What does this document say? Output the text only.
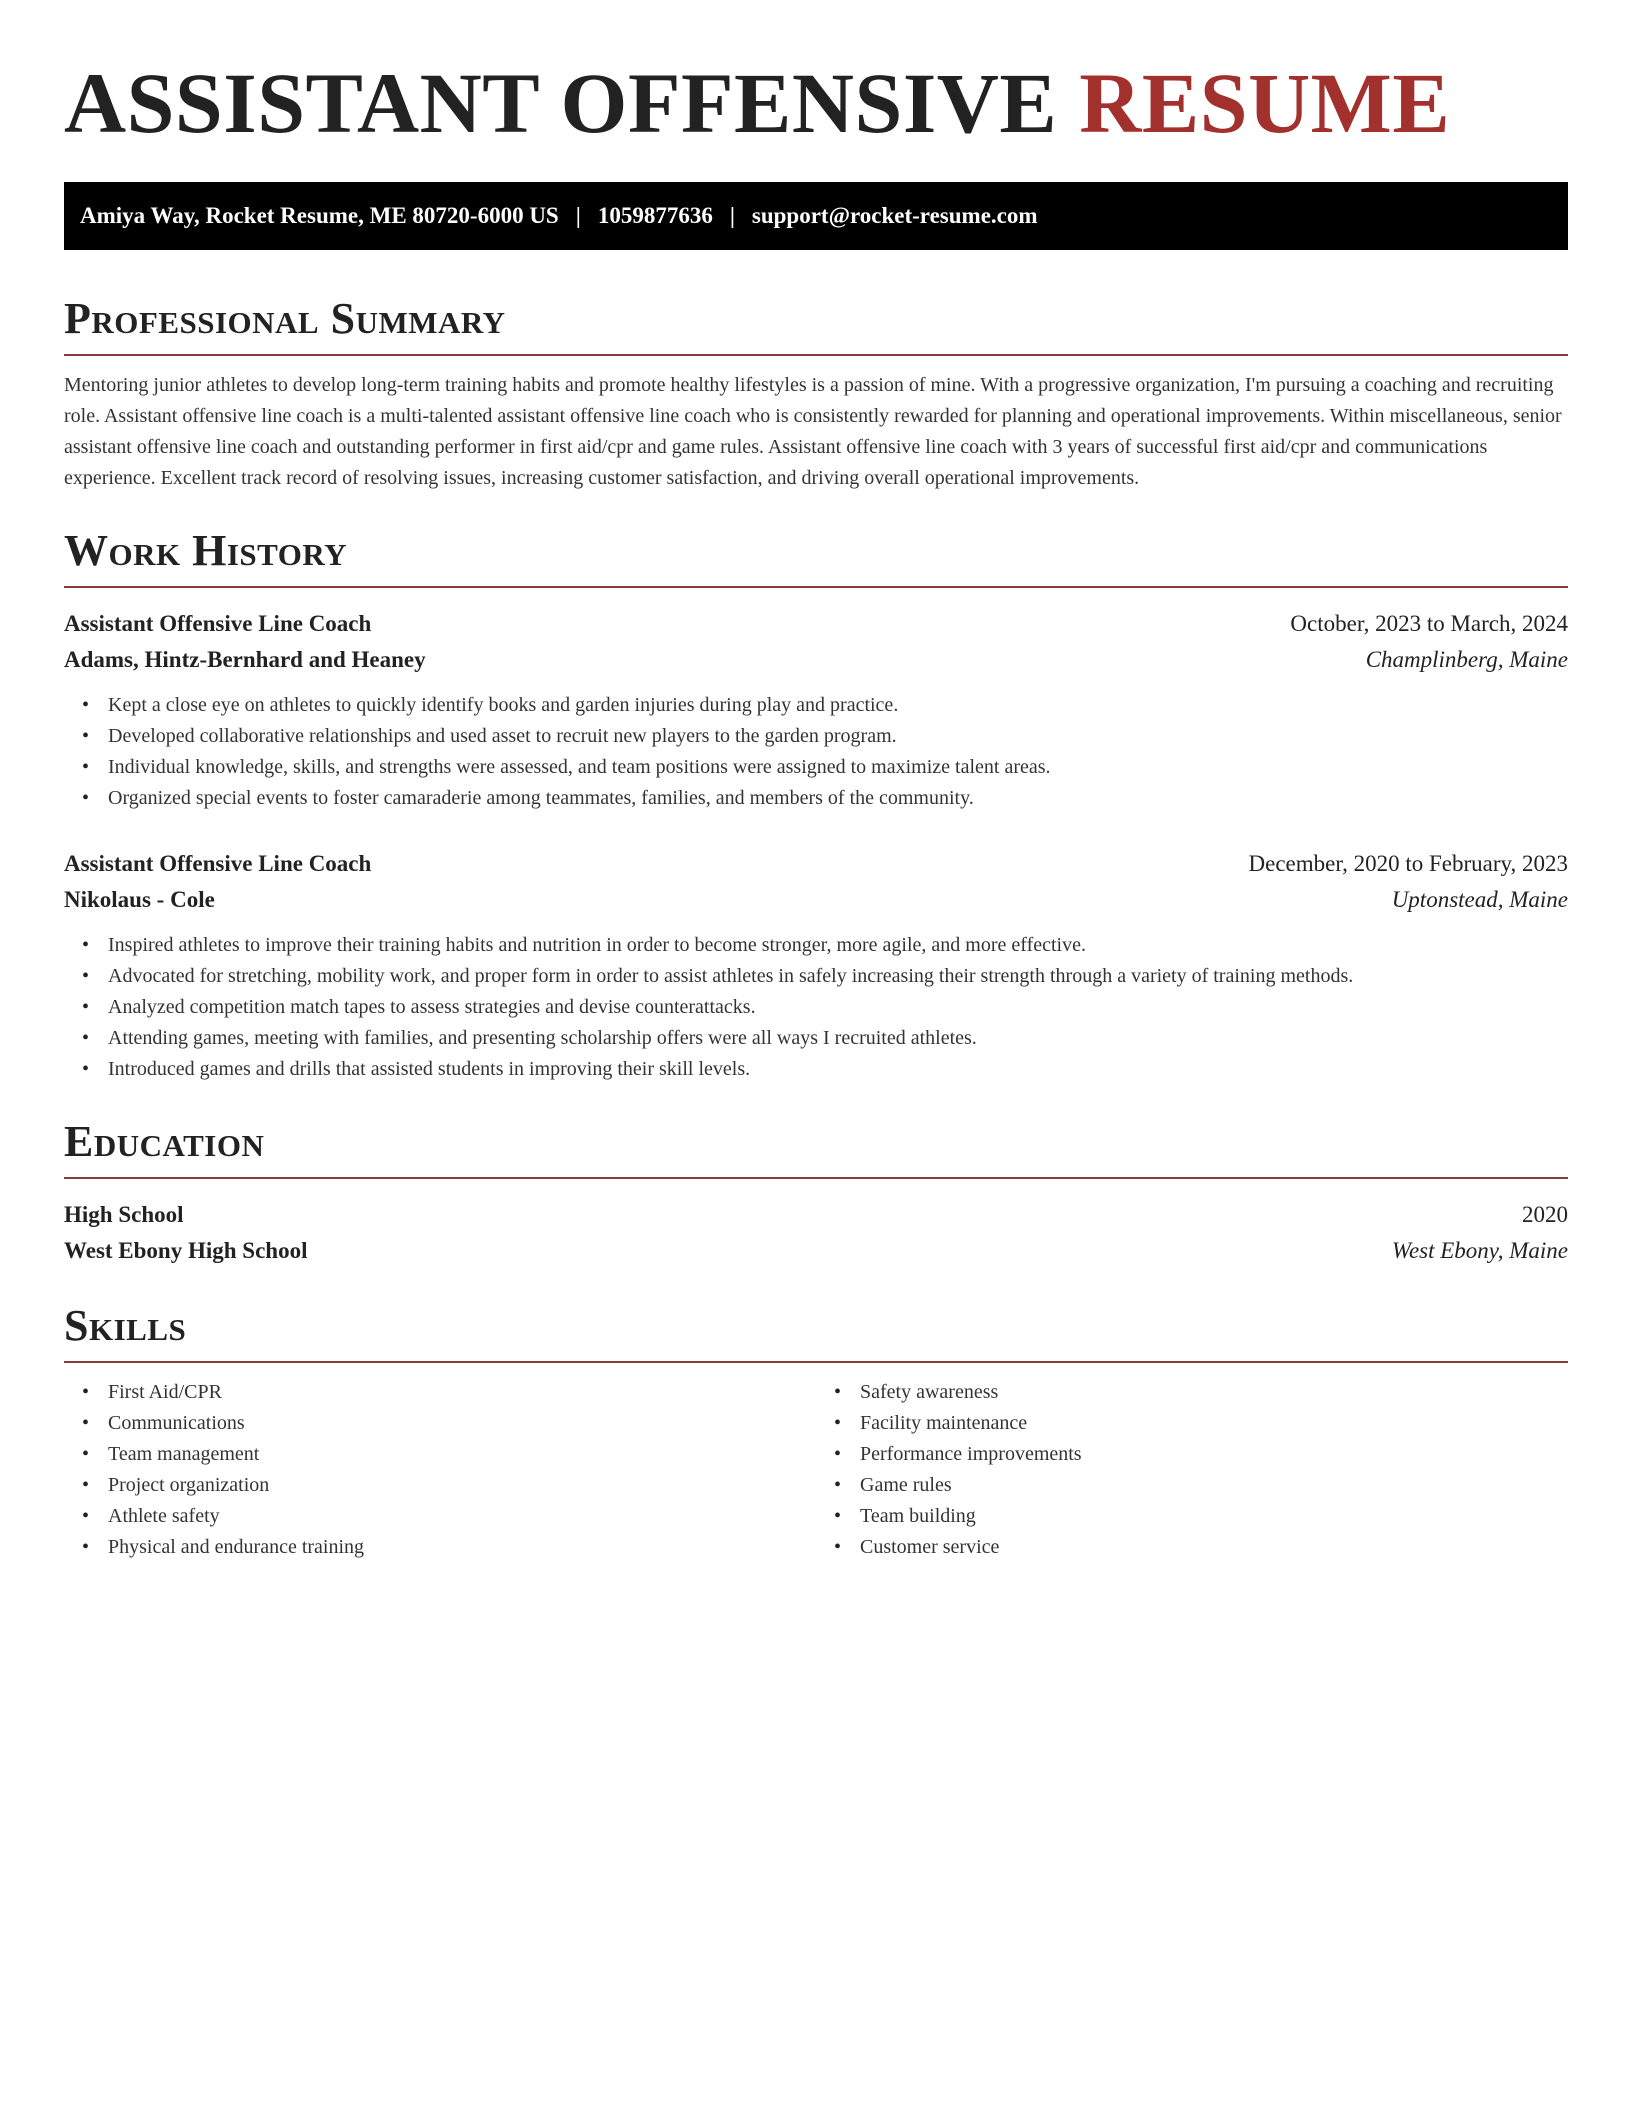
ASSISTANT OFFENSIVE RESUME
Amiya Way, Rocket Resume, ME 80720-6000 US | 1059877636 | support@rocket-resume.com
Professional Summary

Mentoring junior athletes to develop long-term training habits and promote healthy lifestyles is a passion of mine. With a progressive organization, I'm pursuing a coaching and recruiting role. Assistant offensive line coach is a multi-talented assistant offensive line coach who is consistently rewarded for planning and operational improvements. Within miscellaneous, senior assistant offensive line coach and outstanding performer in first aid/cpr and game rules. Assistant offensive line coach with 3 years of successful first aid/cpr and communications experience. Excellent track record of resolving issues, increasing customer satisfaction, and driving overall operational improvements.

Work History
Assistant Offensive Line Coach	October, 2023 to March, 2024
Adams, Hintz-Bernhard and Heaney	Champlinberg, Maine
• Kept a close eye on athletes to quickly identify books and garden injuries during play and practice.
• Developed collaborative relationships and used asset to recruit new players to the garden program.
• Individual knowledge, skills, and strengths were assessed, and team positions were assigned to maximize talent areas.
• Organized special events to foster camaraderie among teammates, families, and members of the community.
Assistant Offensive Line Coach	December, 2020 to February, 2023
Nikolaus - Cole	Uptonstead, Maine
• Inspired athletes to improve their training habits and nutrition in order to become stronger, more agile, and more effective.
• Advocated for stretching, mobility work, and proper form in order to assist athletes in safely increasing their strength through a variety of training methods.
• Analyzed competition match tapes to assess strategies and devise counterattacks.
• Attending games, meeting with families, and presenting scholarship offers were all ways I recruited athletes.
• Introduced games and drills that assisted students in improving their skill levels.
Education
High School	2020
West Ebony High School	West Ebony, Maine
Skills
• First Aid/CPR
• Communications
• Team management
• Project organization
• Athlete safety
• Physical and endurance training
• Safety awareness
• Facility maintenance
• Performance improvements
• Game rules
• Team building
• Customer service
